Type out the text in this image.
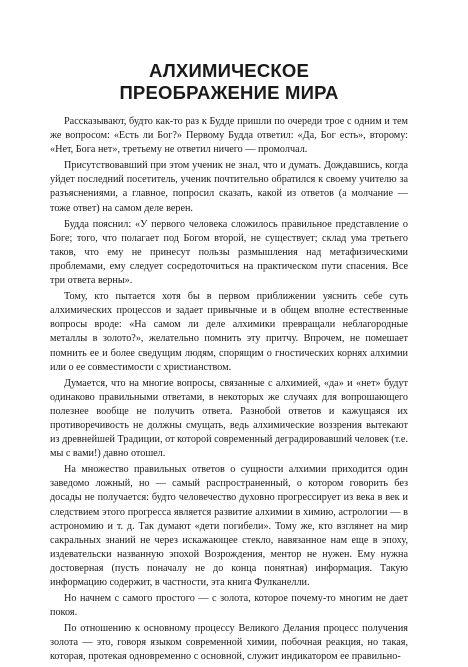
АЛХИМИЧЕСКОЕ
ПРЕОБРАЖЕНИЕ МИРА

Рассказывают, будто как-то раз к Будде пришли по очереди трое с одним и тем же вопросом: «Есть ли Бог?» Первому Будда ответил: «Да, Бог есть», второму: «Нет, Бога нет», третьему не ответил ничего — промолчал.

Присутствовавший при этом ученик не знал, что и думать. Дождавшись, когда уйдет последний посетитель, ученик почтительно обратился к своему учителю за разъяснениями, а главное, попросил сказать, какой из ответов (а молчание — тоже ответ) на самом деле верен.

Будда пояснил: «У первого человека сложилось правильное представление о Боге; того, что полагает под Богом второй, не существует; склад ума третьего таков, что ему не принесут пользы размышления над метафизическими проблемами, ему следует сосредоточиться на практическом пути спасения. Все три ответа верны».

Тому, кто пытается хотя бы в первом приближении уяснить себе суть алхимических процессов и задает привычные и в общем вполне естественные вопросы вроде: «На самом ли деле алхимики превращали неблагородные металлы в золото?», желательно помнить эту притчу. Впрочем, не помешает помнить ее и более сведущим людям, спорящим о гностических корнях алхимии или о ее совместимости с христианством.

Думается, что на многие вопросы, связанные с алхимией, «да» и «нет» будут одинаково правильными ответами, в некоторых же случаях для вопрошающего полезнее вообще не получить ответа. Разнобой ответов и кажущаяся их противоречивость не должны смущать, ведь алхимические воззрения вытекают из древнейшей Традиции, от которой современный деградировавший человек (т.е. мы с вами!) давно отошел.

На множество правильных ответов о сущности алхимии приходится один заведомо ложный, но — самый распространенный, о котором говорить без досады не получается: будто человечество духовно прогрессирует из века в век и следствием этого прогресса является развитие алхимии в химию, астрологии — в астрономию и т. д. Так думают «дети погибели». Тому же, кто взглянет на мир сакральных знаний не через искажающее стекло, навязанное нам еще в эпоху, издевательски названную эпохой Возрождения, ментор не нужен. Ему нужна достоверная (пусть поначалу не до конца понятная) информация. Такую информацию содержит, в частности, эта книга Фулканелли.

Но начнем с самого простого — с золота, которое почему-то многим не дает покоя.

По отношению к основному процессу Великого Делания процесс получения золота — это, говоря языком современной химии, побочная реакция, но такая, которая, протекая одновременно с основной, служит индикатором ее правильно-
